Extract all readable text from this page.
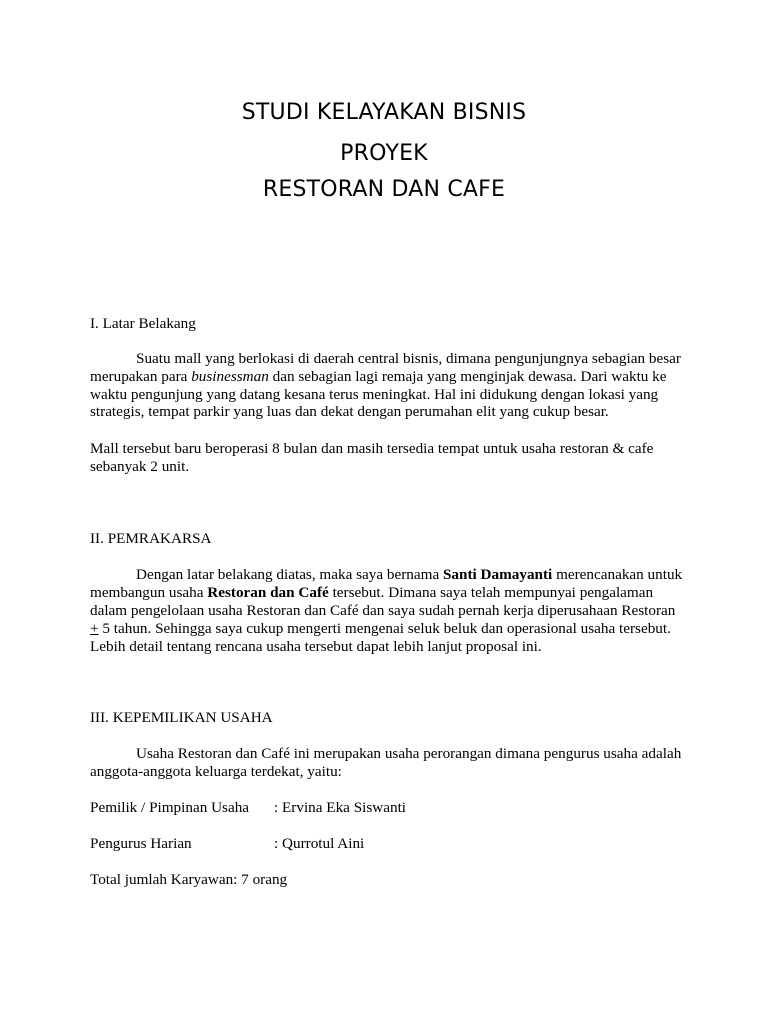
STUDI KELAYAKAN BISNIS
PROYEK
RESTORAN DAN CAFE
I. Latar Belakang
Suatu mall yang berlokasi di daerah central bisnis, dimana pengunjungnya sebagian besar
merupakan para businessman dan sebagian lagi remaja yang menginjak dewasa. Dari waktu ke
waktu pengunjung yang datang kesana terus meningkat. Hal ini didukung dengan lokasi yang
strategis, tempat parkir yang luas dan dekat dengan perumahan elit yang cukup besar.
Mall tersebut baru beroperasi 8 bulan dan masih tersedia tempat untuk usaha restoran & cafe
sebanyak 2 unit.
II. PEMRAKARSA
Dengan latar belakang diatas, maka saya bernama Santi Damayanti merencanakan untuk
membangun usaha Restoran dan Café tersebut. Dimana saya telah mempunyai pengalaman
dalam pengelolaan usaha Restoran dan Café dan saya sudah pernah kerja diperusahaan Restoran
+ 5 tahun. Sehingga saya cukup mengerti mengenai seluk beluk dan operasional usaha tersebut.
Lebih detail tentang rencana usaha tersebut dapat lebih lanjut proposal ini.
III. KEPEMILIKAN USAHA
Usaha Restoran dan Café ini merupakan usaha perorangan dimana pengurus usaha adalah
anggota-anggota keluarga terdekat, yaitu:
Pemilik / Pimpinan Usaha : Ervina Eka Siswanti
Pengurus Harian	: Qurrotul Aini
Total jumlah Karyawan: 7 orang
